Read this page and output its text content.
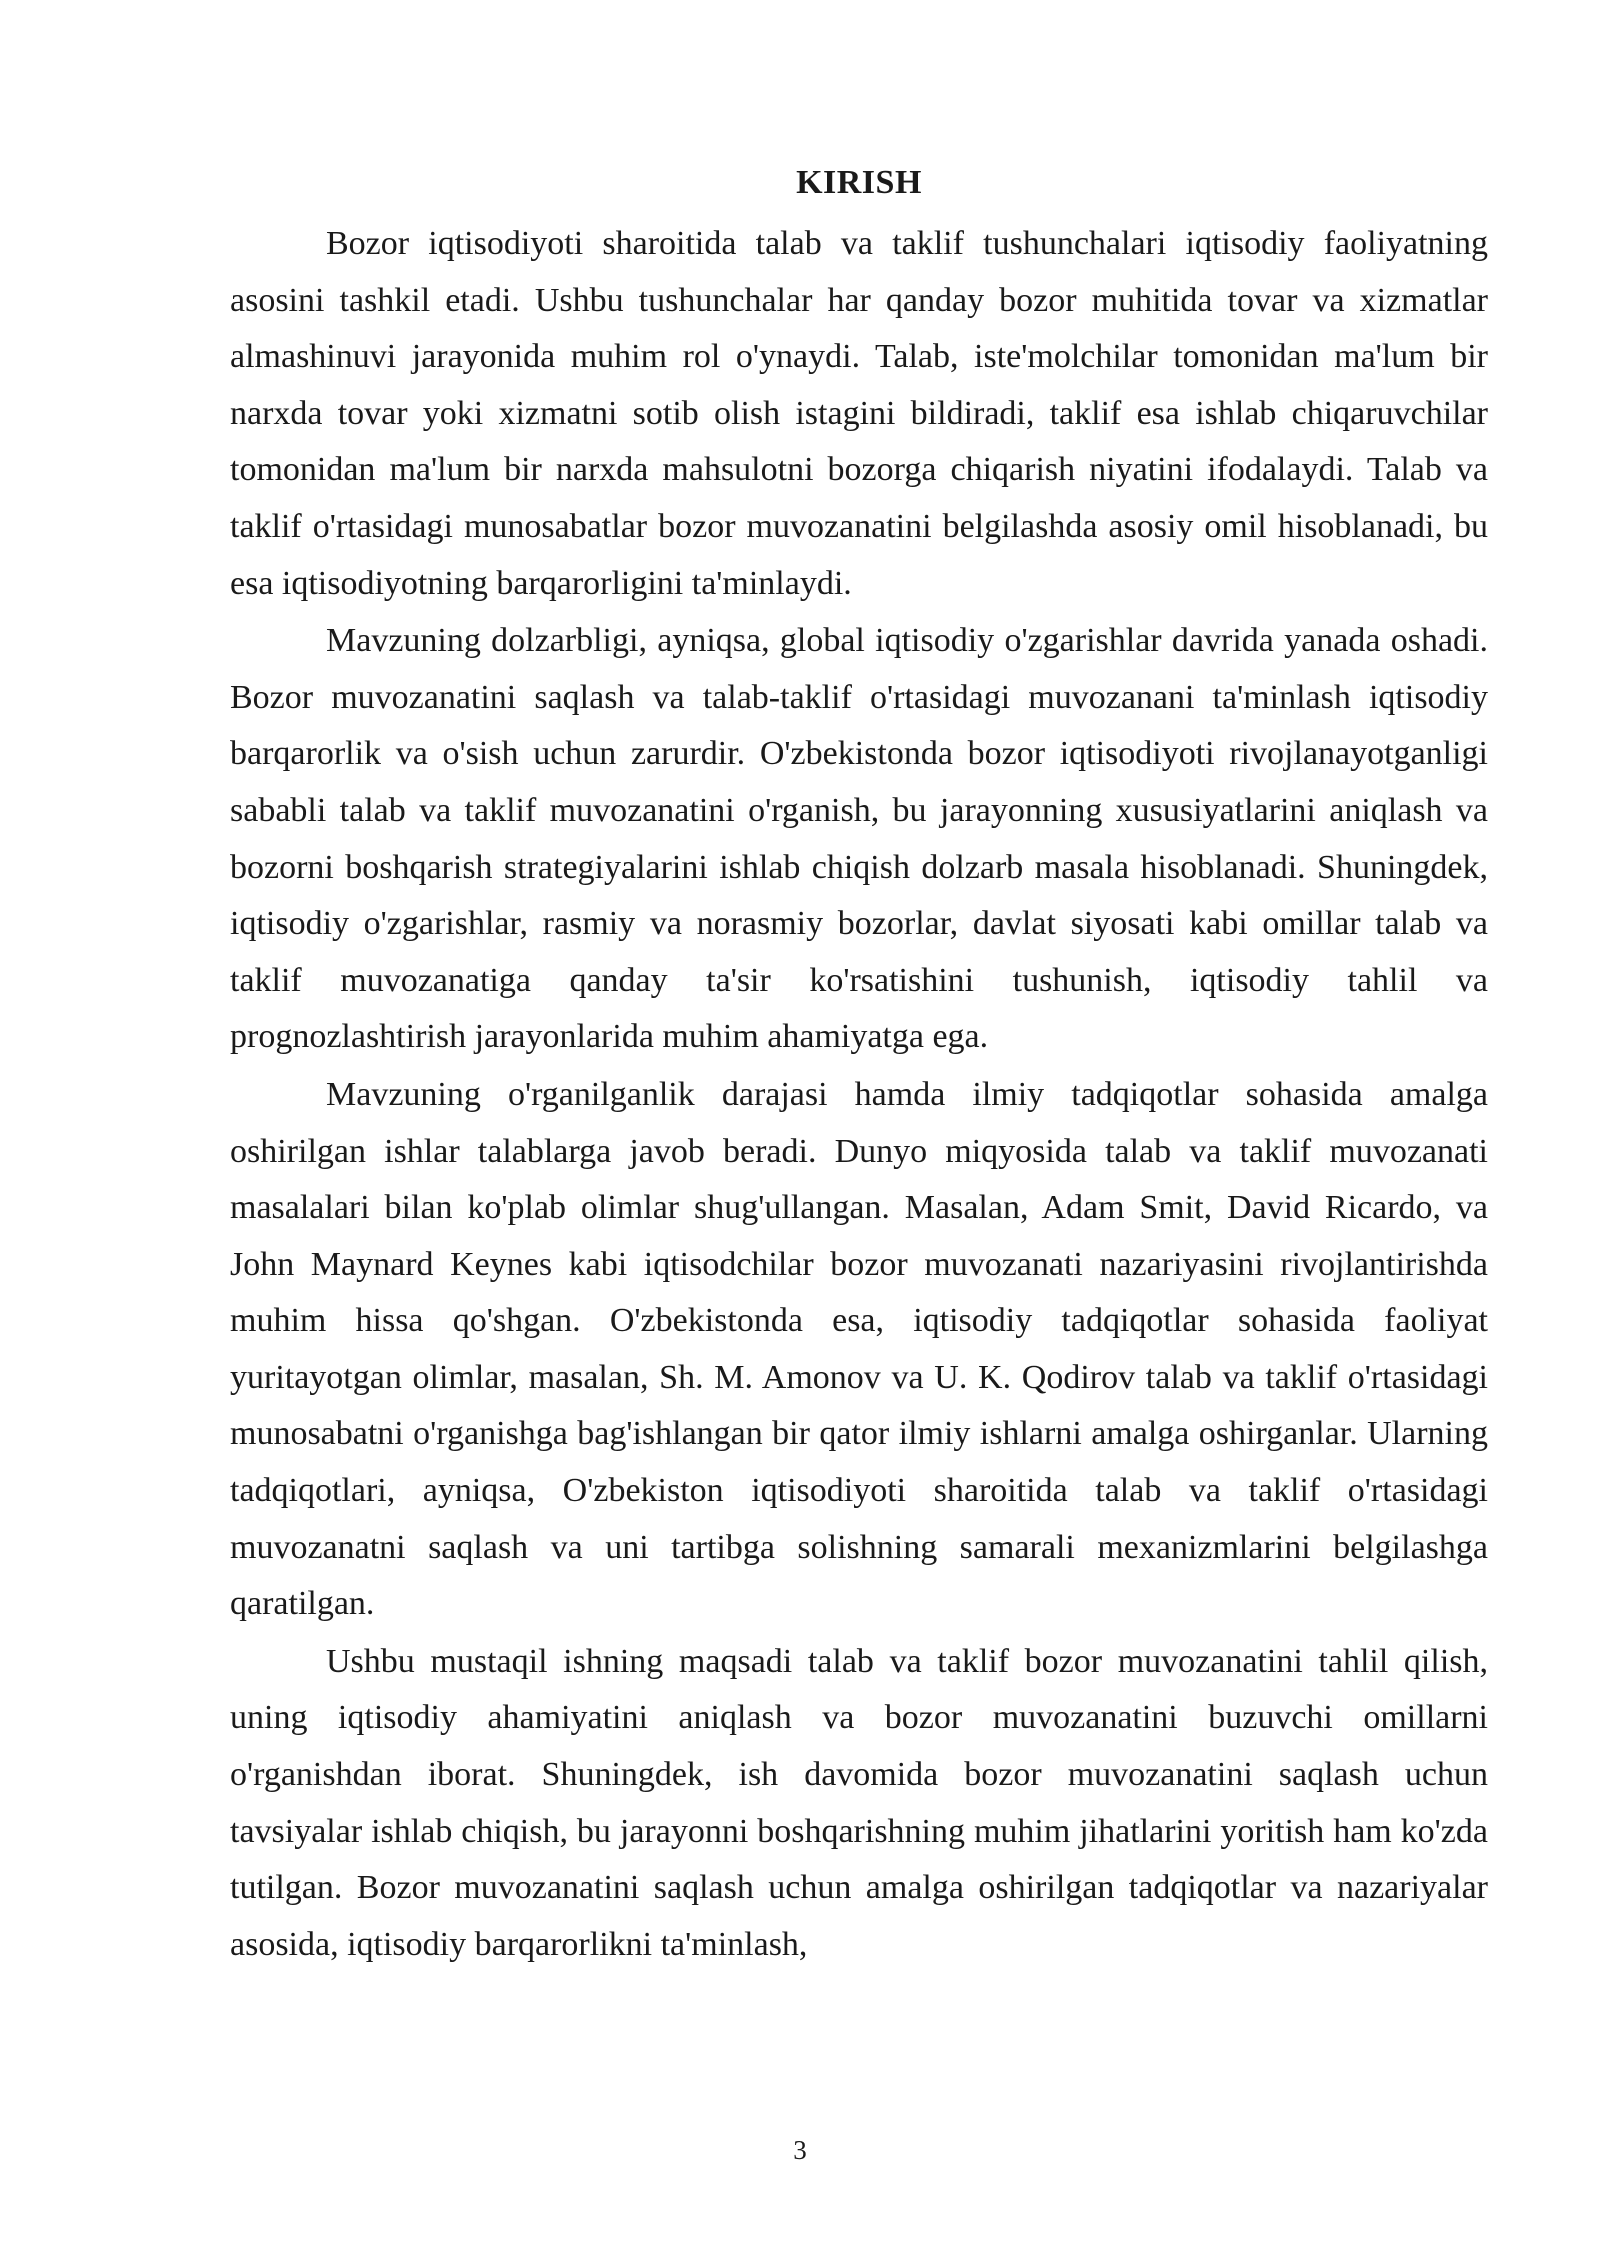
KIRISH

Bozor iqtisodiyoti sharoitida talab va taklif tushunchalari iqtisodiy faoliyatning asosini tashkil etadi. Ushbu tushunchalar har qanday bozor muhitida tovar va xizmatlar almashinuvi jarayonida muhim rol o'ynaydi. Talab, iste'molchilar tomonidan ma'lum bir narxda tovar yoki xizmatni sotib olish istagini bildiradi, taklif esa ishlab chiqaruvchilar tomonidan ma'lum bir narxda mahsulotni bozorga chiqarish niyatini ifodalaydi. Talab va taklif o'rtasidagi munosabatlar bozor muvozanatini belgilashda asosiy omil hisoblanadi, bu esa iqtisodiyotning barqarorligini ta'minlaydi.

Mavzuning dolzarbligi, ayniqsa, global iqtisodiy o'zgarishlar davrida yanada oshadi. Bozor muvozanatini saqlash va talab-taklif o'rtasidagi muvozanani ta'minlash iqtisodiy barqarorlik va o'sish uchun zarurdir. O'zbekistonda bozor iqtisodiyoti rivojlanayotganligi sababli talab va taklif muvozanatini o'rganish, bu jarayonning xususiyatlarini aniqlash va bozorni boshqarish strategiyalarini ishlab chiqish dolzarb masala hisoblanadi. Shuningdek, iqtisodiy o'zgarishlar, rasmiy va norasmiy bozorlar, davlat siyosati kabi omillar talab va taklif muvozanatiga qanday ta'sir ko'rsatishini tushunish, iqtisodiy tahlil va prognozlashtirish jarayonlarida muhim ahamiyatga ega.

Mavzuning o'rganilganlik darajasi hamda ilmiy tadqiqotlar sohasida amalga oshirilgan ishlar talablarga javob beradi. Dunyo miqyosida talab va taklif muvozanati masalalari bilan ko'plab olimlar shug'ullangan. Masalan, Adam Smit, David Ricardo, va John Maynard Keynes kabi iqtisodchilar bozor muvozanati nazariyasini rivojlantirishda muhim hissa qo'shgan. O'zbekistonda esa, iqtisodiy tadqiqotlar sohasida faoliyat yuritayotgan olimlar, masalan, Sh. M. Amonov va U. K. Qodirov talab va taklif o'rtasidagi munosabatni o'rganishga bag'ishlangan bir qator ilmiy ishlarni amalga oshirganlar. Ularning tadqiqotlari, ayniqsa, O'zbekiston iqtisodiyoti sharoitida talab va taklif o'rtasidagi muvozanatni saqlash va uni tartibga solishning samarali mexanizmlarini belgilashga qaratilgan.

Ushbu mustaqil ishning maqsadi talab va taklif bozor muvozanatini tahlil qilish, uning iqtisodiy ahamiyatini aniqlash va bozor muvozanatini buzuvchi omillarni o'rganishdan iborat. Shuningdek, ish davomida bozor muvozanatini saqlash uchun tavsiyalar ishlab chiqish, bu jarayonni boshqarishning muhim jihatlarini yoritish ham ko'zda tutilgan. Bozor muvozanatini saqlash uchun amalga oshirilgan tadqiqotlar va nazariyalar asosida, iqtisodiy barqarorlikni ta'minlash,

3
